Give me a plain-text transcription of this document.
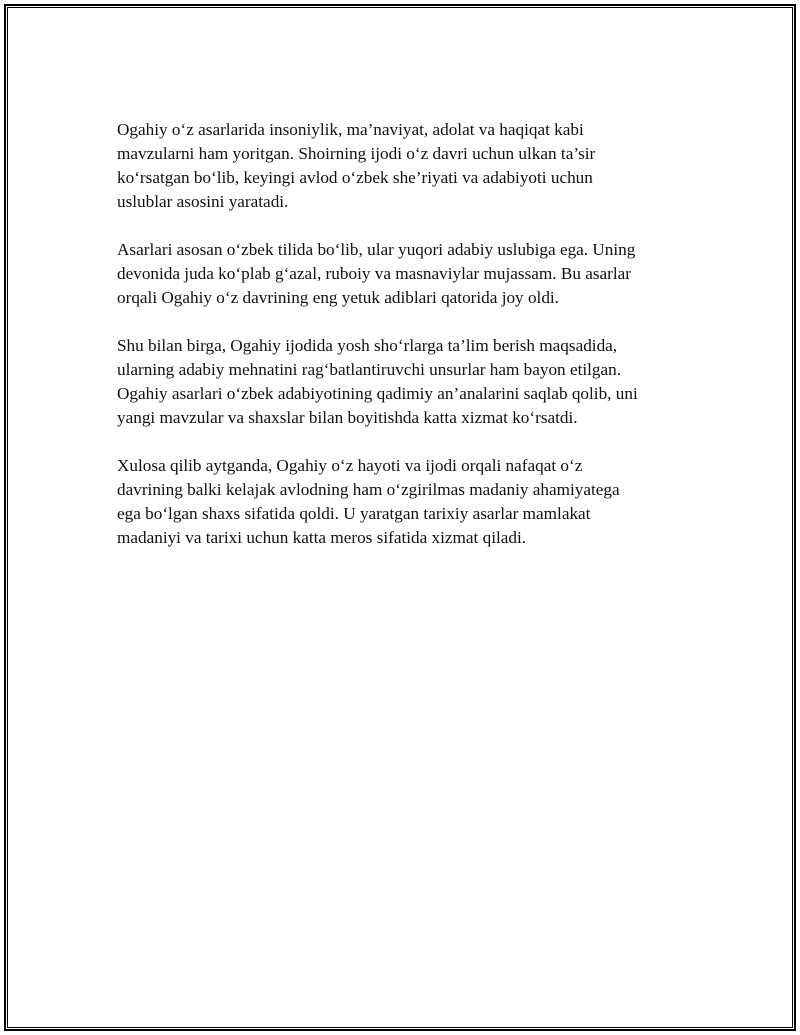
Ogahiy o‘z asarlarida insoniylik, ma’naviyat, adolat va haqiqat kabi
mavzularni ham yoritgan. Shoirning ijodi o‘z davri uchun ulkan ta’sir
ko‘rsatgan bo‘lib, keyingi avlod o‘zbek she’riyati va adabiyoti uchun
uslublar asosini yaratadi.

Asarlari asosan o‘zbek tilida bo‘lib, ular yuqori adabiy uslubiga ega. Uning
devonida juda ko‘plab g‘azal, ruboiy va masnaviylar mujassam. Bu asarlar
orqali Ogahiy o‘z davrining eng yetuk adiblari qatorida joy oldi.

Shu bilan birga, Ogahiy ijodida yosh sho‘rlarga ta’lim berish maqsadida,
ularning adabiy mehnatini rag‘batlantiruvchi unsurlar ham bayon etilgan.
Ogahiy asarlari o‘zbek adabiyotining qadimiy an’analarini saqlab qolib, uni
yangi mavzular va shaxslar bilan boyitishda katta xizmat ko‘rsatdi.

Xulosa qilib aytganda, Ogahiy o‘z hayoti va ijodi orqali nafaqat o‘z
davrining balki kelajak avlodning ham o‘zgirilmas madaniy ahamiyatega
ega bo‘lgan shaxs sifatida qoldi. U yaratgan tarixiy asarlar mamlakat
madaniyi va tarixi uchun katta meros sifatida xizmat qiladi.
